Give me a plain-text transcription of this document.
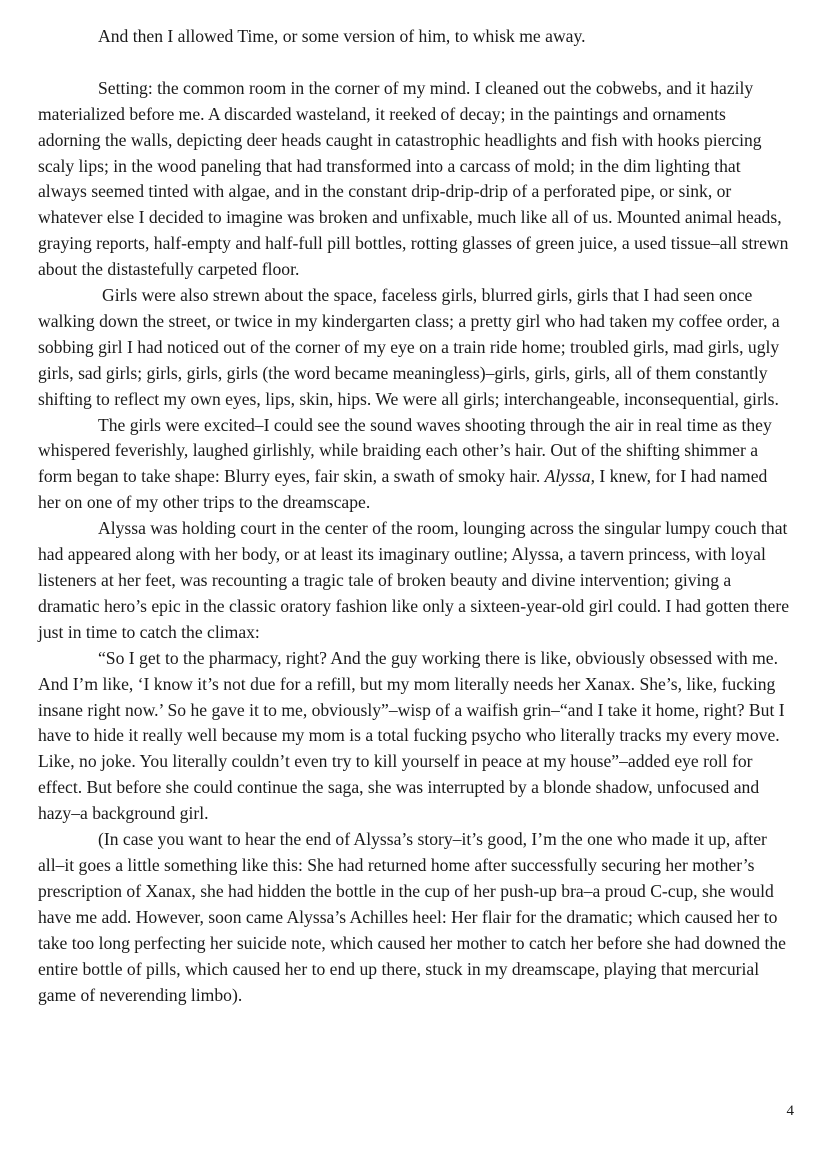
And then I allowed Time, or some version of him, to whisk me away.

Setting: the common room in the corner of my mind. I cleaned out the cobwebs, and it hazily materialized before me. A discarded wasteland, it reeked of decay; in the paintings and ornaments adorning the walls, depicting deer heads caught in catastrophic headlights and fish with hooks piercing scaly lips; in the wood paneling that had transformed into a carcass of mold; in the dim lighting that always seemed tinted with algae, and in the constant drip-drip-drip of a perforated pipe, or sink, or whatever else I decided to imagine was broken and unfixable, much like all of us. Mounted animal heads, graying reports, half-empty and half-full pill bottles, rotting glasses of green juice, a used tissue–all strewn about the distastefully carpeted floor.

Girls were also strewn about the space, faceless girls, blurred girls, girls that I had seen once walking down the street, or twice in my kindergarten class; a pretty girl who had taken my coffee order, a sobbing girl I had noticed out of the corner of my eye on a train ride home; troubled girls, mad girls, ugly girls, sad girls; girls, girls, girls (the word became meaningless)–girls, girls, girls, all of them constantly shifting to reflect my own eyes, lips, skin, hips. We were all girls; interchangeable, inconsequential, girls.

The girls were excited–I could see the sound waves shooting through the air in real time as they whispered feverishly, laughed girlishly, while braiding each other’s hair. Out of the shifting shimmer a form began to take shape: Blurry eyes, fair skin, a swath of smoky hair. Alyssa, I knew, for I had named her on one of my other trips to the dreamscape.

Alyssa was holding court in the center of the room, lounging across the singular lumpy couch that had appeared along with her body, or at least its imaginary outline; Alyssa, a tavern princess, with loyal listeners at her feet, was recounting a tragic tale of broken beauty and divine intervention; giving a dramatic hero’s epic in the classic oratory fashion like only a sixteen-year-old girl could. I had gotten there just in time to catch the climax:

“So I get to the pharmacy, right? And the guy working there is like, obviously obsessed with me. And I’m like, ‘I know it’s not due for a refill, but my mom literally needs her Xanax. She’s, like, fucking insane right now.’ So he gave it to me, obviously”–wisp of a waifish grin–“and I take it home, right? But I have to hide it really well because my mom is a total fucking psycho who literally tracks my every move. Like, no joke. You literally couldn’t even try to kill yourself in peace at my house”–added eye roll for effect. But before she could continue the saga, she was interrupted by a blonde shadow, unfocused and hazy–a background girl.

(In case you want to hear the end of Alyssa’s story–it’s good, I’m the one who made it up, after all–it goes a little something like this: She had returned home after successfully securing her mother’s prescription of Xanax, she had hidden the bottle in the cup of her push-up bra–a proud C-cup, she would have me add. However, soon came Alyssa’s Achilles heel: Her flair for the dramatic; which caused her to take too long perfecting her suicide note, which caused her mother to catch her before she had downed the entire bottle of pills, which caused her to end up there, stuck in my dreamscape, playing that mercurial game of neverending limbo).

4
